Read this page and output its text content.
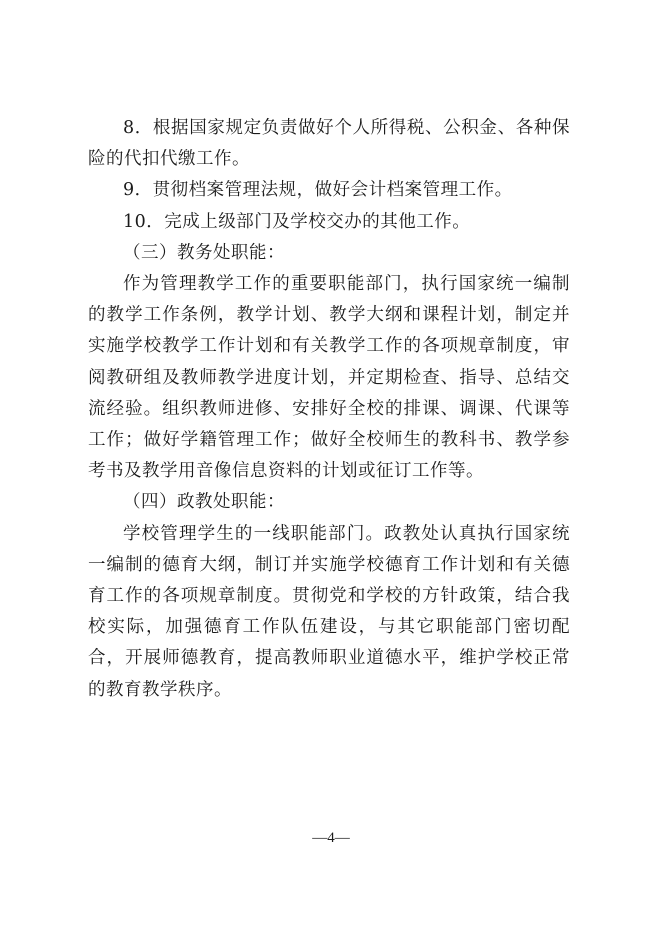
8．根据国家规定负责做好个人所得税、公积金、各种保险的代扣代缴工作。

9．贯彻档案管理法规，做好会计档案管理工作。

10．完成上级部门及学校交办的其他工作。

（三）教务处职能：

作为管理教学工作的重要职能部门，执行国家统一编制的教学工作条例，教学计划、教学大纲和课程计划，制定并实施学校教学工作计划和有关教学工作的各项规章制度，审阅教研组及教师教学进度计划，并定期检查、指导、总结交流经验。组织教师进修、安排好全校的排课、调课、代课等工作；做好学籍管理工作；做好全校师生的教科书、教学参考书及教学用音像信息资料的计划或征订工作等。

（四）政教处职能：

学校管理学生的一线职能部门。政教处认真执行国家统一编制的德育大纲，制订并实施学校德育工作计划和有关德育工作的各项规章制度。贯彻党和学校的方针政策，结合我校实际，加强德育工作队伍建设，与其它职能部门密切配合，开展师德教育，提高教师职业道德水平，维护学校正常的教育教学秩序。

—4—
